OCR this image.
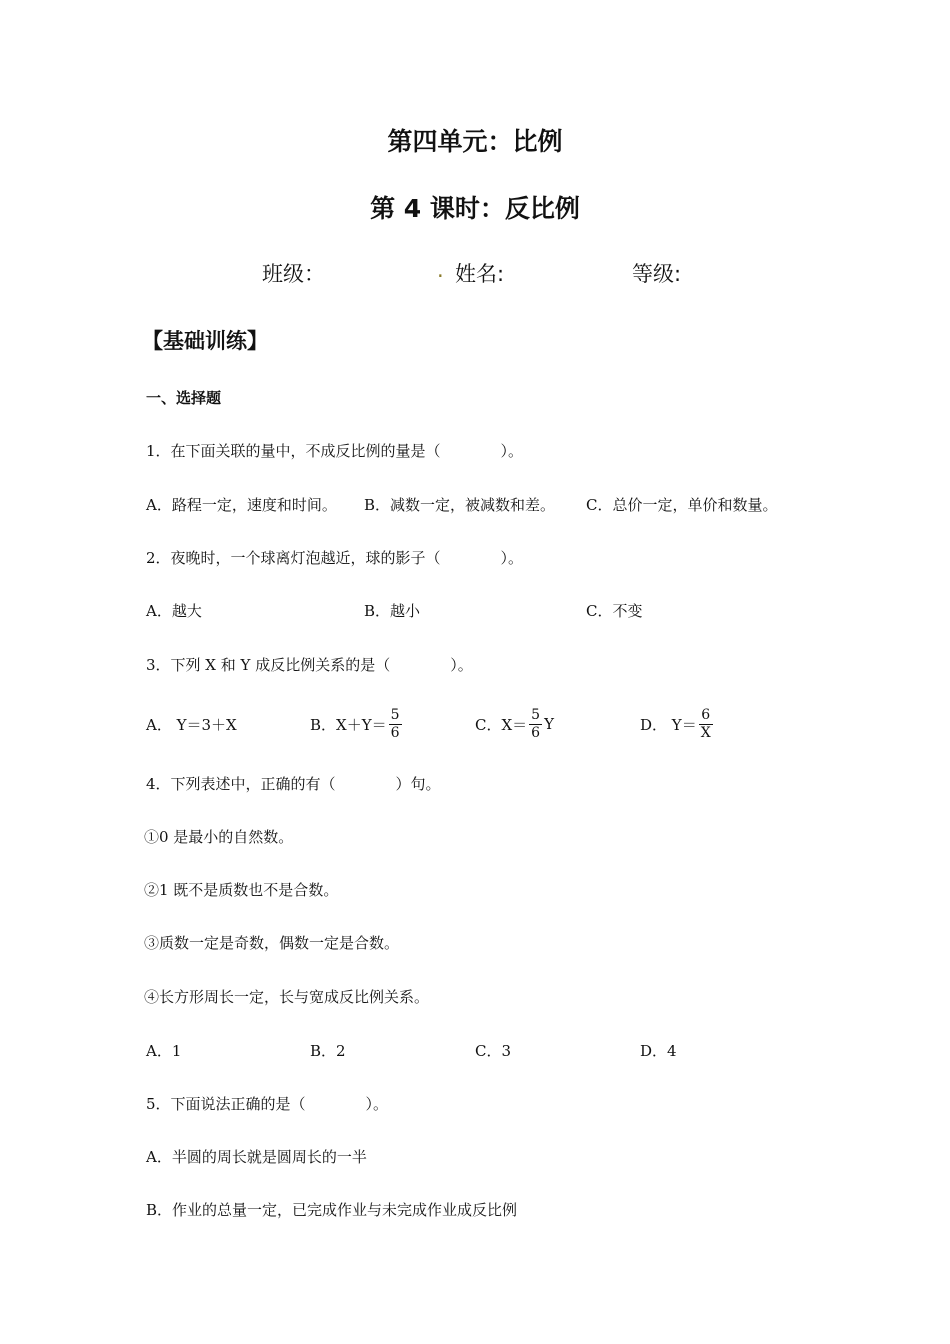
第四单元：比例
第 4 课时：反比例
班级：	. 姓名:	等级:
【基础训练】
一、选择题
1．在下面关联的量中，不成反比例的量是（　　　　）。
A．路程一定，速度和时间。 B．减数一定，被减数和差。 C．总价一定，单价和数量。
2．夜晚时，一个球离灯泡越近，球的影子（　　　　）。
A．越大	B．越小	C．不变
3．下列 X 和 Y 成反比例关系的是（　　　　）。
A． Y＝3＋X	B．$X+Y= \frac{5}{6}$	C．$X= \frac{5}{6}$ Y	D． $Y= \frac{6}{X}$
4．下列表述中，正确的有（　　　　）句。
①0 是最小的自然数。
②1 既不是质数也不是合数。
③质数一定是奇数，偶数一定是合数。
④长方形周长一定，长与宽成反比例关系。
A．1	B．2	C．3	D．4
5．下面说法正确的是（　　　　）。
A．半圆的周长就是圆周长的一半
B．作业的总量一定，已完成作业与未完成作业成反比例
